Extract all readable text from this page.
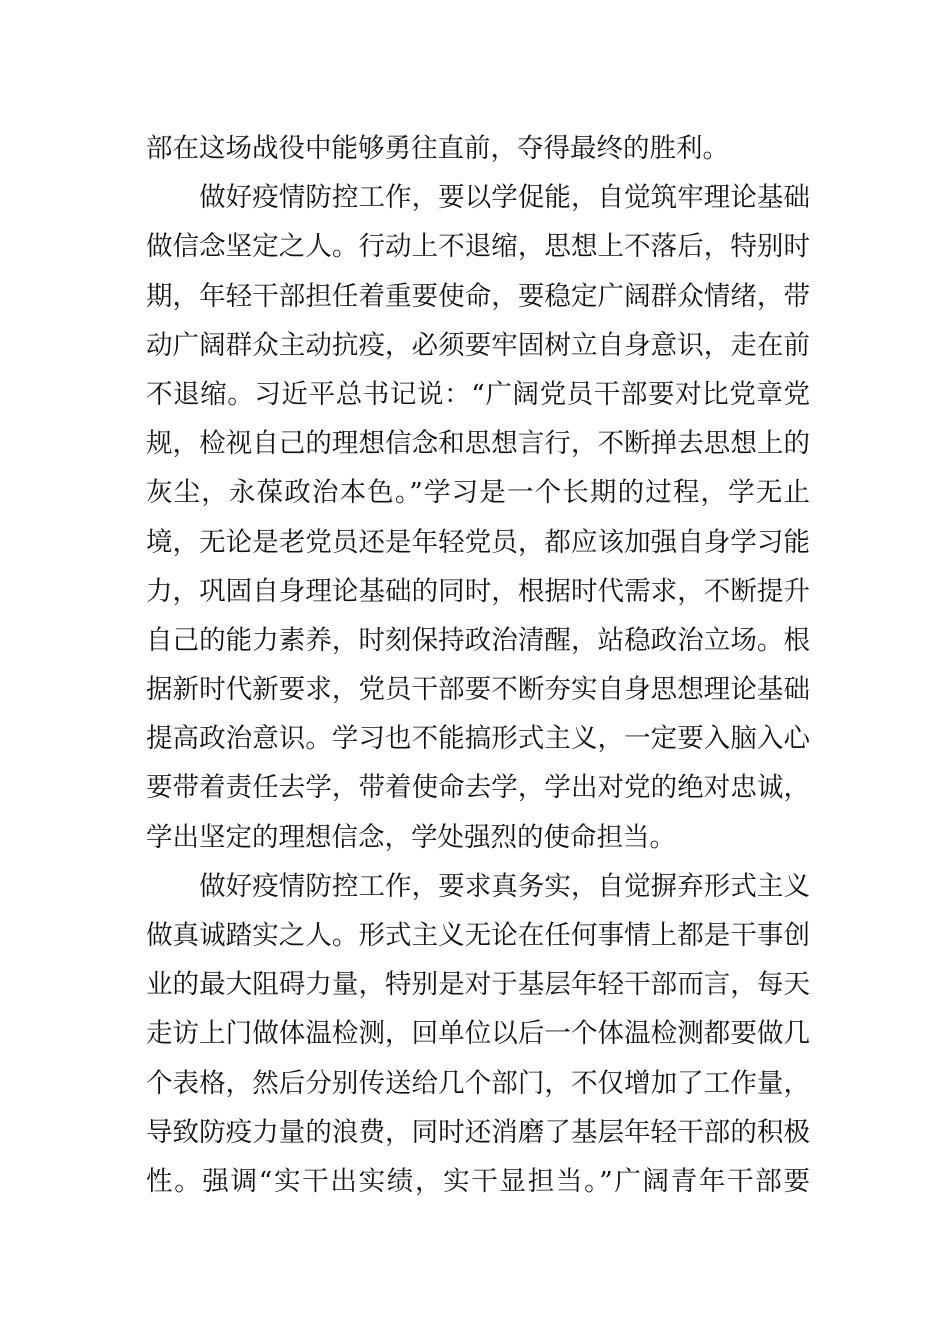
部在这场战役中能够勇往直前，夺得最终的胜利。
　　做好疫情防控工作，要以学促能，自觉筑牢理论基础
做信念坚定之人。行动上不退缩，思想上不落后，特别时
期，年轻干部担任着重要使命，要稳定广阔群众情绪，带
动广阔群众主动抗疫，必须要牢固树立自身意识，走在前
不退缩。习近平总书记说：“广阔党员干部要对比党章党
规，检视自己的理想信念和思想言行，不断掸去思想上的
灰尘，永葆政治本色。”学习是一个长期的过程，学无止
境，无论是老党员还是年轻党员，都应该加强自身学习能
力，巩固自身理论基础的同时，根据时代需求，不断提升
自己的能力素养，时刻保持政治清醒，站稳政治立场。根
据新时代新要求，党员干部要不断夯实自身思想理论基础
提高政治意识。学习也不能搞形式主义，一定要入脑入心
要带着责任去学，带着使命去学，学出对党的绝对忠诚，
学出坚定的理想信念，学处强烈的使命担当。
　　做好疫情防控工作，要求真务实，自觉摒弃形式主义
做真诚踏实之人。形式主义无论在任何事情上都是干事创
业的最大阻碍力量，特别是对于基层年轻干部而言，每天
走访上门做体温检测，回单位以后一个体温检测都要做几
个表格，然后分别传送给几个部门，不仅增加了工作量，
导致防疫力量的浪费，同时还消磨了基层年轻干部的积极
性。强调“实干出实绩，实干显担当。”广阔青年干部要
